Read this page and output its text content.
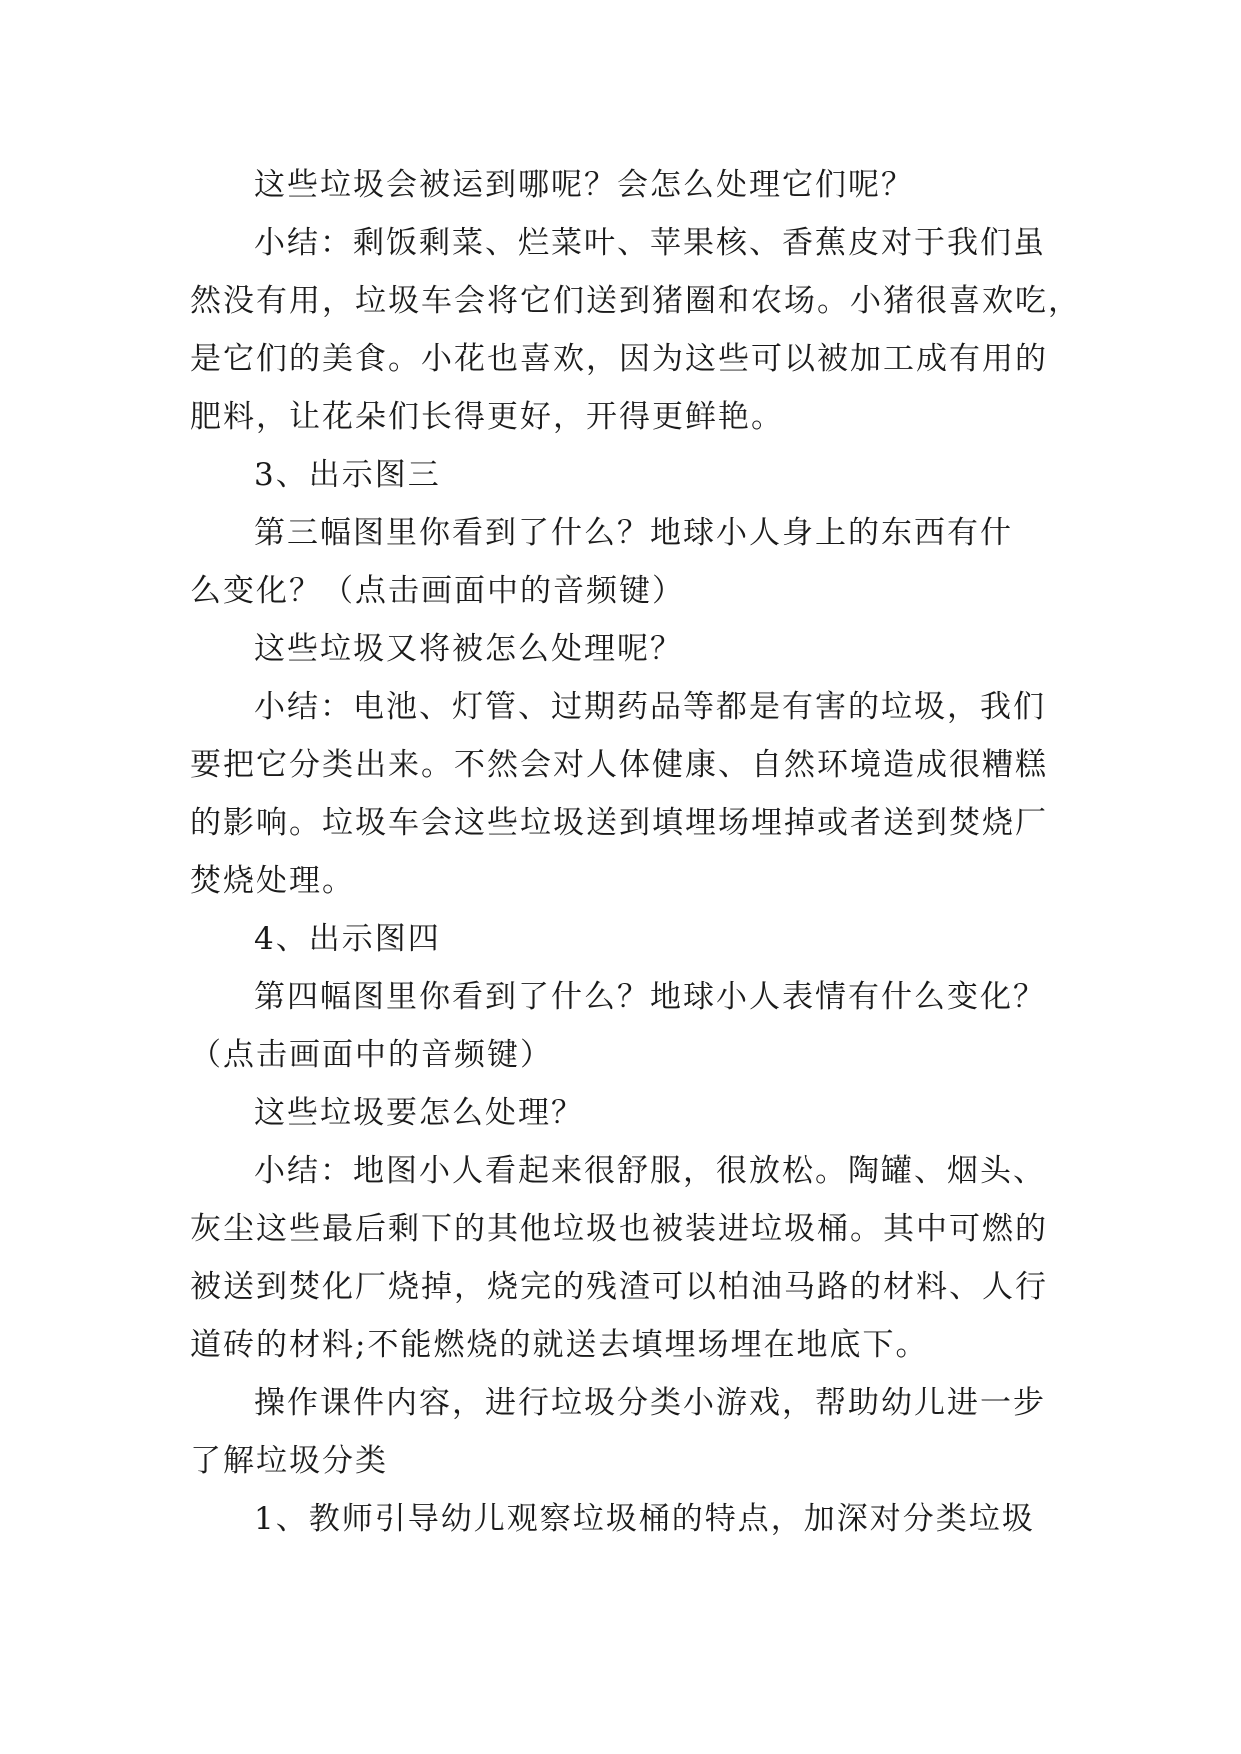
这些垃圾会被运到哪呢？会怎么处理它们呢？
小结：剩饭剩菜、烂菜叶、苹果核、香蕉皮对于我们虽
然没有用，垃圾车会将它们送到猪圈和农场。小猪很喜欢吃，
是它们的美食。小花也喜欢，因为这些可以被加工成有用的
肥料，让花朵们长得更好，开得更鲜艳。
3、出示图三
第三幅图里你看到了什么？地球小人身上的东西有什
么变化？（点击画面中的音频键）
这些垃圾又将被怎么处理呢？
小结：电池、灯管、过期药品等都是有害的垃圾，我们
要把它分类出来。不然会对人体健康、自然环境造成很糟糕
的影响。垃圾车会这些垃圾送到填埋场埋掉或者送到焚烧厂
焚烧处理。
4、出示图四
第四幅图里你看到了什么？地球小人表情有什么变化？
（点击画面中的音频键）
这些垃圾要怎么处理？
小结：地图小人看起来很舒服，很放松。陶罐、烟头、
灰尘这些最后剩下的其他垃圾也被装进垃圾桶。其中可燃的
被送到焚化厂烧掉，烧完的残渣可以柏油马路的材料、人行
道砖的材料;不能燃烧的就送去填埋场埋在地底下。
操作课件内容，进行垃圾分类小游戏，帮助幼儿进一步
了解垃圾分类
1、教师引导幼儿观察垃圾桶的特点，加深对分类垃圾
